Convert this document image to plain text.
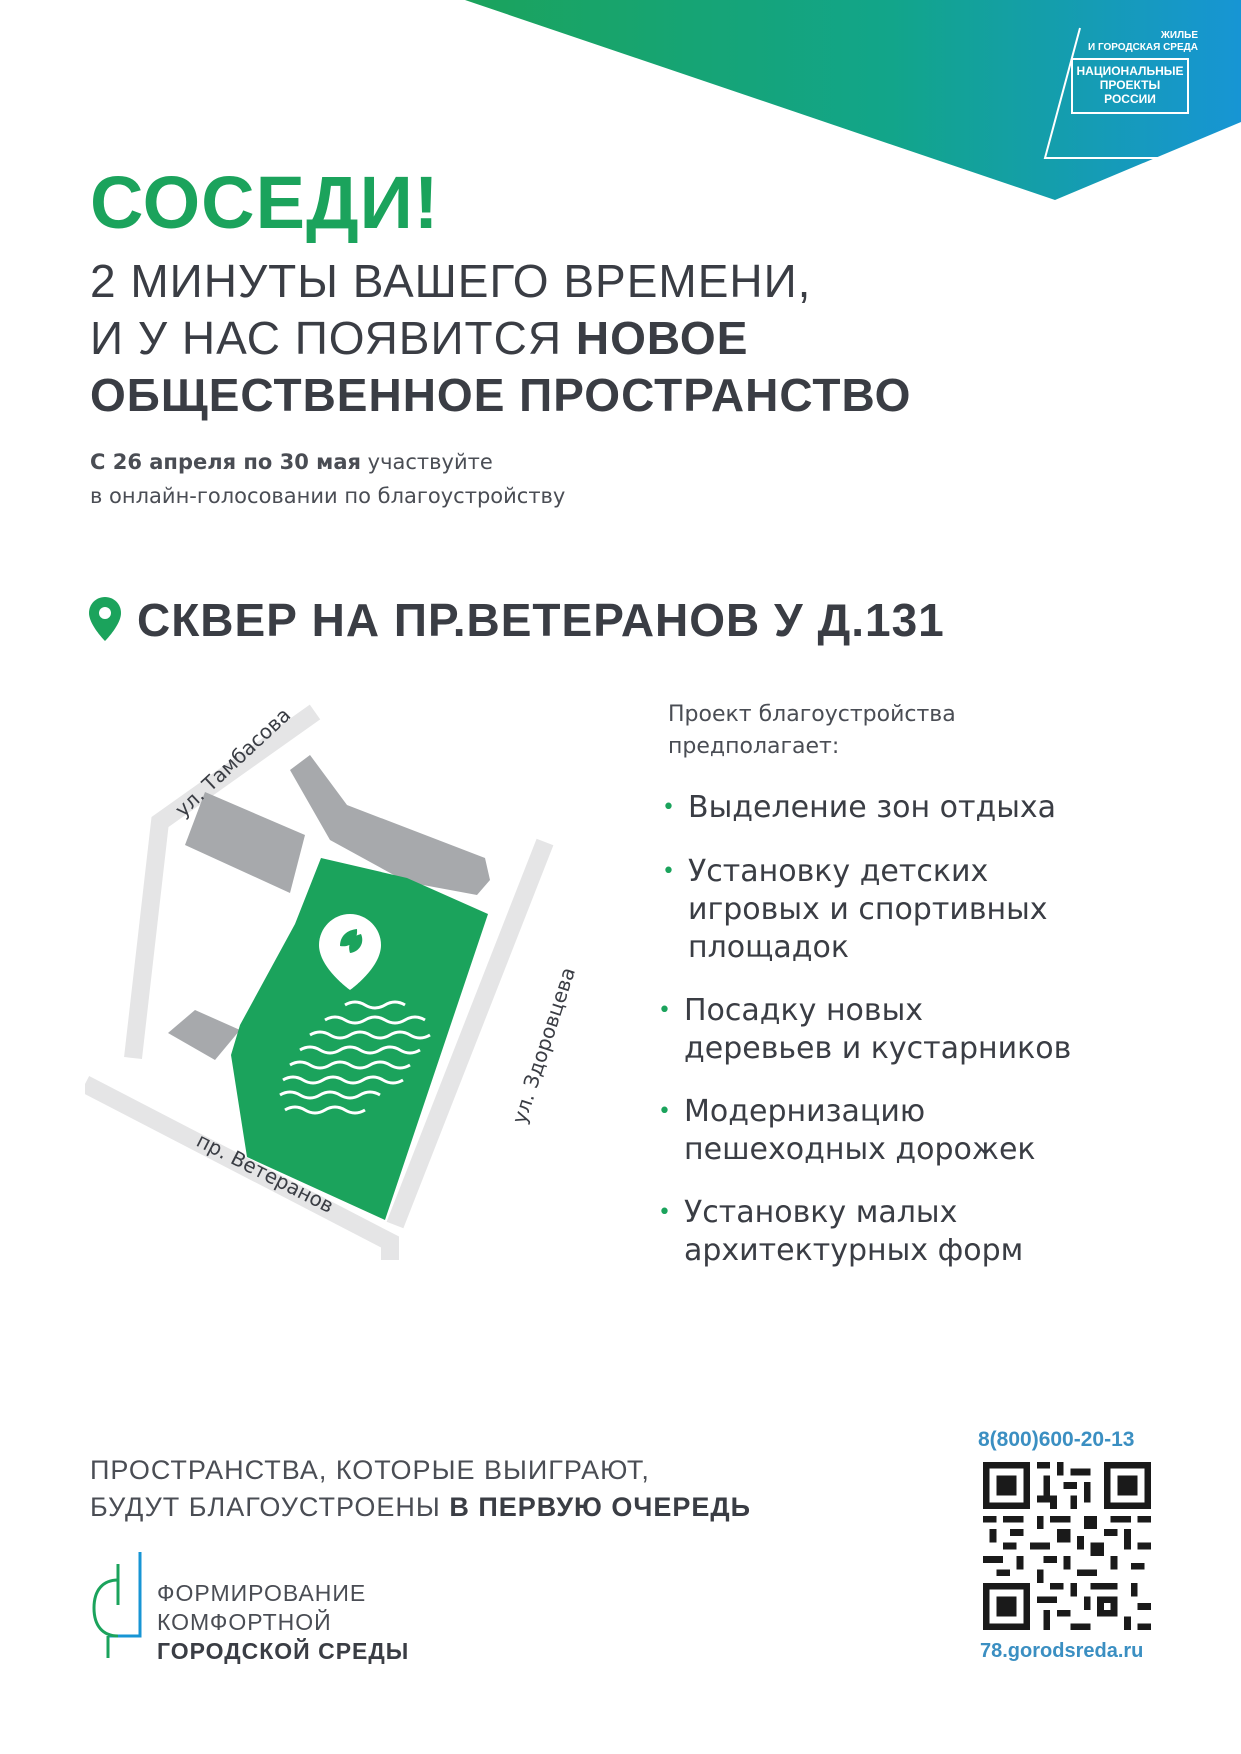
ЖИЛЬЕ
И ГОРОДСКАЯ СРЕДА
НАЦИОНАЛЬНЫЕ
ПРОЕКТЫ
РОССИИ
СОСЕДИ!
2 МИНУТЫ ВАШЕГО ВРЕМЕНИ,
И У НАС ПОЯВИТСЯ НОВОЕ
ОБЩЕСТВЕННОЕ ПРОСТРАНСТВО
С 26 апреля по 30 мая участвуйте
в онлайн-голосовании по благоустройству
СКВЕР НА ПР.ВЕТЕРАНОВ У Д.131
ул. Тамбасова
пр. Ветеранов
ул. Здоровцева
Проект благоустройства
предполагает:
• Выделение зон отдыха
• Установку детских
игровых и спортивных
площадок
• Посадку новых
деревьев и кустарников
• Модернизацию
пешеходных дорожек
• Установку малых
архитектурных форм
ПРОСТРАНСТВА, КОТОРЫЕ ВЫИГРАЮТ,
БУДУТ БЛАГОУСТРОЕНЫ В ПЕРВУЮ ОЧЕРЕДЬ
ФОРМИРОВАНИЕ
КОМФОРТНОЙ
ГОРОДСКОЙ СРЕДЫ
8(800)600-20-13
78.gorodsreda.ru
